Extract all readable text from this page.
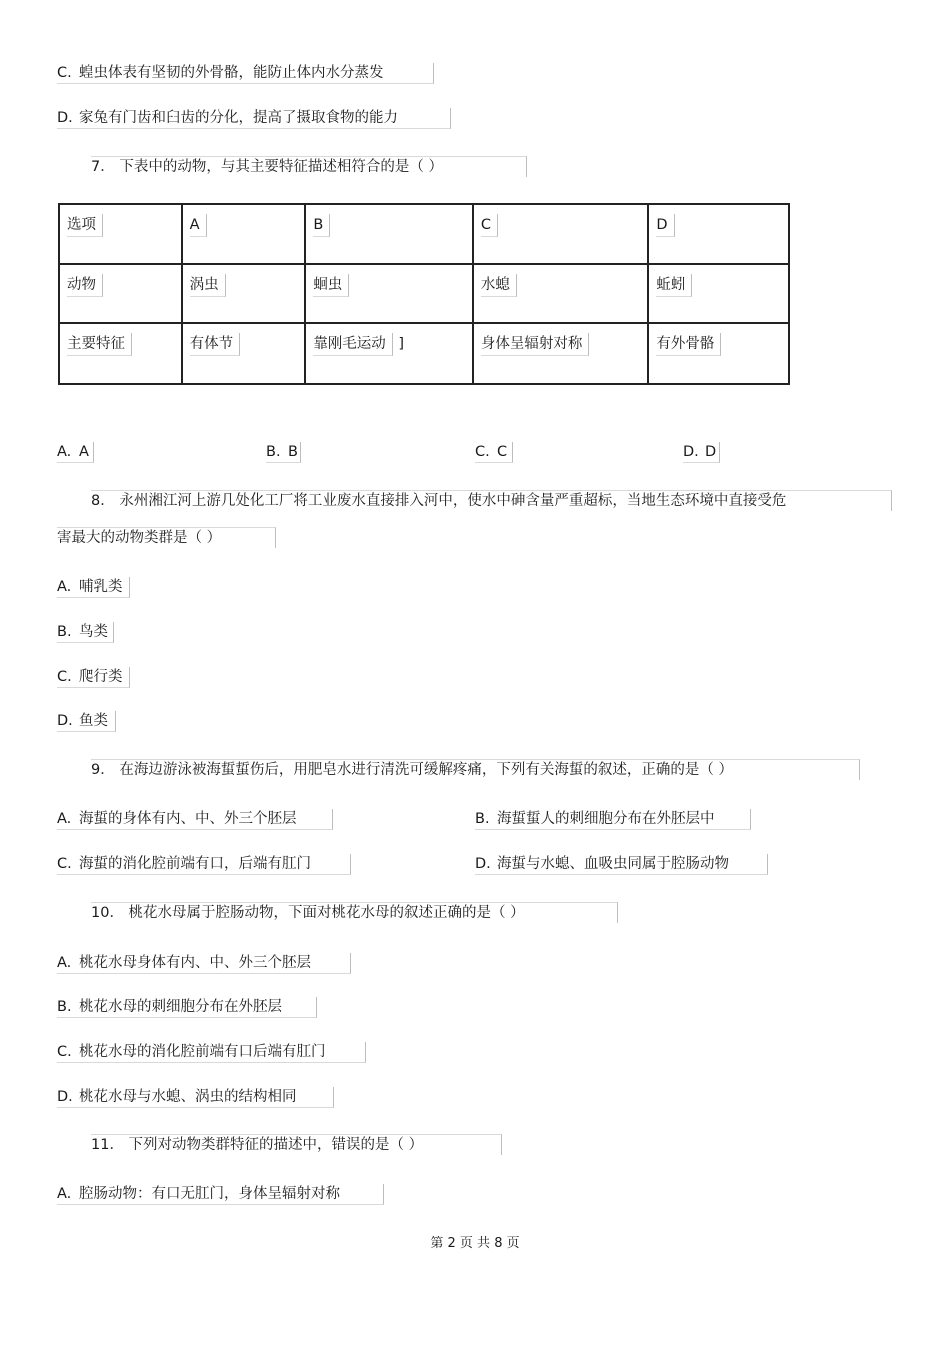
C. 蝗虫体表有坚韧的外骨骼，能防止体内水分蒸发
D. 家兔有门齿和臼齿的分化，提高了摄取食物的能力
7． 下表中的动物，与其主要特征描述相符合的是（ ）
选项	A	B	C	D

动物	涡虫	蛔虫	水螅	蚯蚓

主要特征	有体节	靠刚毛运动 ]	身体呈辐射对称	有外骨骼
A. A	B. B	C. C	D. D
8． 永州湘江河上游几处化工厂将工业废水直接排入河中，使水中砷含量严重超标，当地生态环境中直接受危
害最大的动物类群是（ ）
A. 哺乳类
B. 鸟类
C. 爬行类
D. 鱼类
9． 在海边游泳被海蜇蜇伤后，用肥皂水进行清洗可缓解疼痛，下列有关海蜇的叙述，正确的是（ ）
A. 海蜇的身体有内、中、外三个胚层	B. 海蜇蜇人的刺细胞分布在外胚层中
C. 海蜇的消化腔前端有口，后端有肛门	D. 海蜇与水螅、血吸虫同属于腔肠动物
10． 桃花水母属于腔肠动物，下面对桃花水母的叙述正确的是（ ）
A. 桃花水母身体有内、中、外三个胚层
B. 桃花水母的刺细胞分布在外胚层
C. 桃花水母的消化腔前端有口后端有肛门
D. 桃花水母与水螅、涡虫的结构相同
11． 下列对动物类群特征的描述中，错误的是（ ）
A. 腔肠动物：有口无肛门，身体呈辐射对称
第 2 页 共 8 页
